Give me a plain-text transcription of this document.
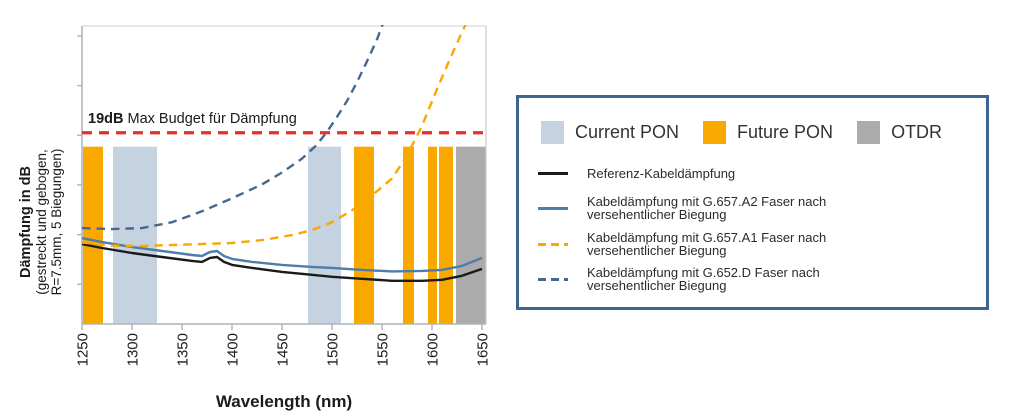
1250 1300 1350 1400 1450 1500 1550 1600 1650
19dB Max Budget für Dämpfung
Dämpfung in dB (gestreckt und gebogen, R=7.5mm, 5 Biegungen)
Wavelength (nm)
Current PON	Future PON	OTDR
Referenz-Kabeldämpfung
Kabeldämpfung mit G.657.A2 Faser nach
versehentlicher Biegung
Kabeldämpfung mit G.657.A1 Faser nach
versehentlicher Biegung
Kabeldämpfung mit G.652.D Faser nach
versehentlicher Biegung
